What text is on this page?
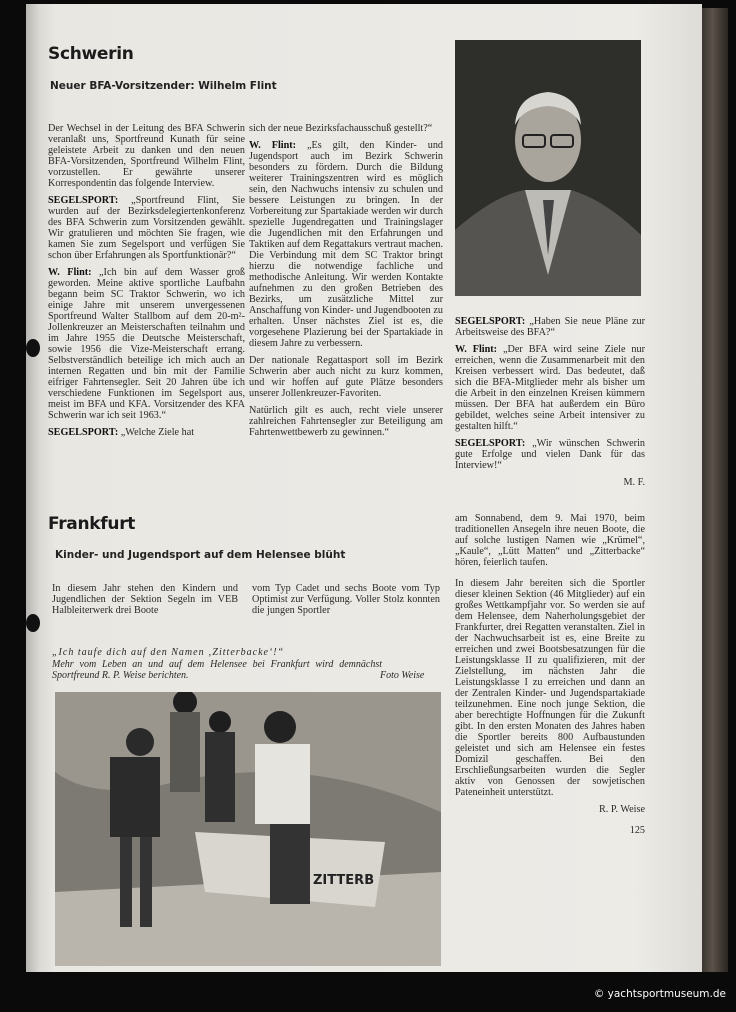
Schwerin
Neuer BFA-Vorsitzender: Wilhelm Flint

Der Wechsel in der Leitung des BFA Schwerin veranlaßt uns, Sportfreund Kunath für seine geleistete Arbeit zu danken und den neuen BFA-Vorsitzenden, Sportfreund Wilhelm Flint, vorzustellen. Er gewährte unserer Korrespondentin das folgende Interview.

SEGELSPORT: „Sportfreund Flint, Sie wurden auf der Bezirksdelegiertenkonferenz des BFA Schwerin zum Vorsitzenden gewählt. Wir gratulieren und möchten Sie fragen, wie kamen Sie zum Segelsport und verfügen Sie schon über Erfahrungen als Sportfunktionär?“

W. Flint: „Ich bin auf dem Wasser groß geworden. Meine aktive sportliche Laufbahn begann beim SC Traktor Schwerin, wo ich einige Jahre mit unserem unvergessenen Sportfreund Walter Stallbom auf dem 20-m²-Jollenkreuzer an Meisterschaften teilnahm und im Jahre 1955 die Deutsche Meisterschaft, sowie 1956 die Vize-Meisterschaft errang. Selbstverständlich beteilige ich mich auch an internen Regatten und bin mit der Familie eifriger Fahrtensegler. Seit 20 Jahren übe ich verschiedene Funktionen im Segelsport aus, meist im BFA und KFA. Vorsitzender des KFA Schwerin war ich seit 1963.“

SEGELSPORT: „Welche Ziele hat

sich der neue Bezirksfachausschuß gestellt?“

W. Flint: „Es gilt, den Kinder- und Jugendsport auch im Bezirk Schwerin besonders zu fördern. Durch die Bildung weiterer Trainingszentren wird es möglich sein, den Nachwuchs intensiv zu schulen und bessere Leistungen zu bringen. In der Vorbereitung zur Spartakiade werden wir durch spezielle Jugendregatten und Trainingslager die Jugendlichen mit den Erfahrungen und Taktiken auf dem Regattakurs vertraut machen. Die Verbindung mit dem SC Traktor bringt hierzu die notwendige fachliche und methodische Anleitung. Wir werden Kontakte aufnehmen zu den großen Betrieben des Bezirks, um zusätzliche Mittel zur Anschaffung von Kinder- und Jugendbooten zu erhalten. Unser nächstes Ziel ist es, die vorgesehene Plazierung bei der Spartakiade in diesem Jahre zu verbessern.

Der nationale Regattasport soll im Bezirk Schwerin aber auch nicht zu kurz kommen, und wir hoffen auf gute Plätze besonders unserer Jollenkreuzer-Favoriten.

Natürlich gilt es auch, recht viele unserer zahlreichen Fahrtensegler zur Beteiligung am Fahrtenwettbewerb zu gewinnen.“

SEGELSPORT: „Haben Sie neue Pläne zur Arbeitsweise des BFA?“

W. Flint: „Der BFA wird seine Ziele nur erreichen, wenn die Zusammenarbeit mit den Kreisen verbessert wird. Das bedeutet, daß sich die BFA-Mitglieder mehr als bisher um die Arbeit in den einzelnen Kreisen kümmern müssen. Der BFA hat außerdem ein Büro gebildet, welches seine Arbeit intensiver zu gestalten hilft.“

SEGELSPORT: „Wir wünschen Schwerin gute Erfolge und vielen Dank für das Interview!“

M. F.

Frankfurt
Kinder- und Jugendsport auf dem Helensee blüht
In diesem Jahr stehen den Kindern und Jugendlichen der Sektion Segeln im VEB Halbleiterwerk drei Boote
vom Typ Cadet und sechs Boote vom Typ Optimist zur Verfügung. Voller Stolz konnten die jungen Sportler
„Ich taufe dich auf den Namen ‚Zitterbacke‘!“
Mehr vom Leben an und auf dem Helensee bei Frankfurt wird demnächst Sportfreund R. P. Weise berichten.	Foto Weise
ZITTERB

am Sonnabend, dem 9. Mai 1970, beim traditionellen Ansegeln ihre neuen Boote, die auf solche lustigen Namen wie „Krümel“, „Kaule“, „Lütt Matten“ und „Zitterbacke“ hören, feierlich taufen.

In diesem Jahr bereiten sich die Sportler dieser kleinen Sektion (46 Mitglieder) auf ein großes Wettkampfjahr vor. So werden sie auf dem Helensee, dem Naherholungsgebiet der Frankfurter, drei Regatten veranstalten. Ziel in der Nachwuchsarbeit ist es, eine Breite zu erreichen und zwei Bootsbesatzungen für die Leistungsklasse II zu qualifizieren, mit der Zielstellung, im nächsten Jahr die Leistungsklasse I zu erreichen und dann an der Zentralen Kinder- und Jugendspartakiade teilzunehmen. Eine noch junge Sektion, die aber berechtigte Hoffnungen für die Zukunft gibt. In den ersten Monaten des Jahres haben die Sportler bereits 800 Aufbaustunden geleistet und sich am Helensee ein festes Domizil geschaffen. Bei den Erschließungsarbeiten wurden die Segler aktiv von Genossen der sowjetischen Pateneinheit unterstützt.

R. P. Weise

125

© yachtsportmuseum.de
